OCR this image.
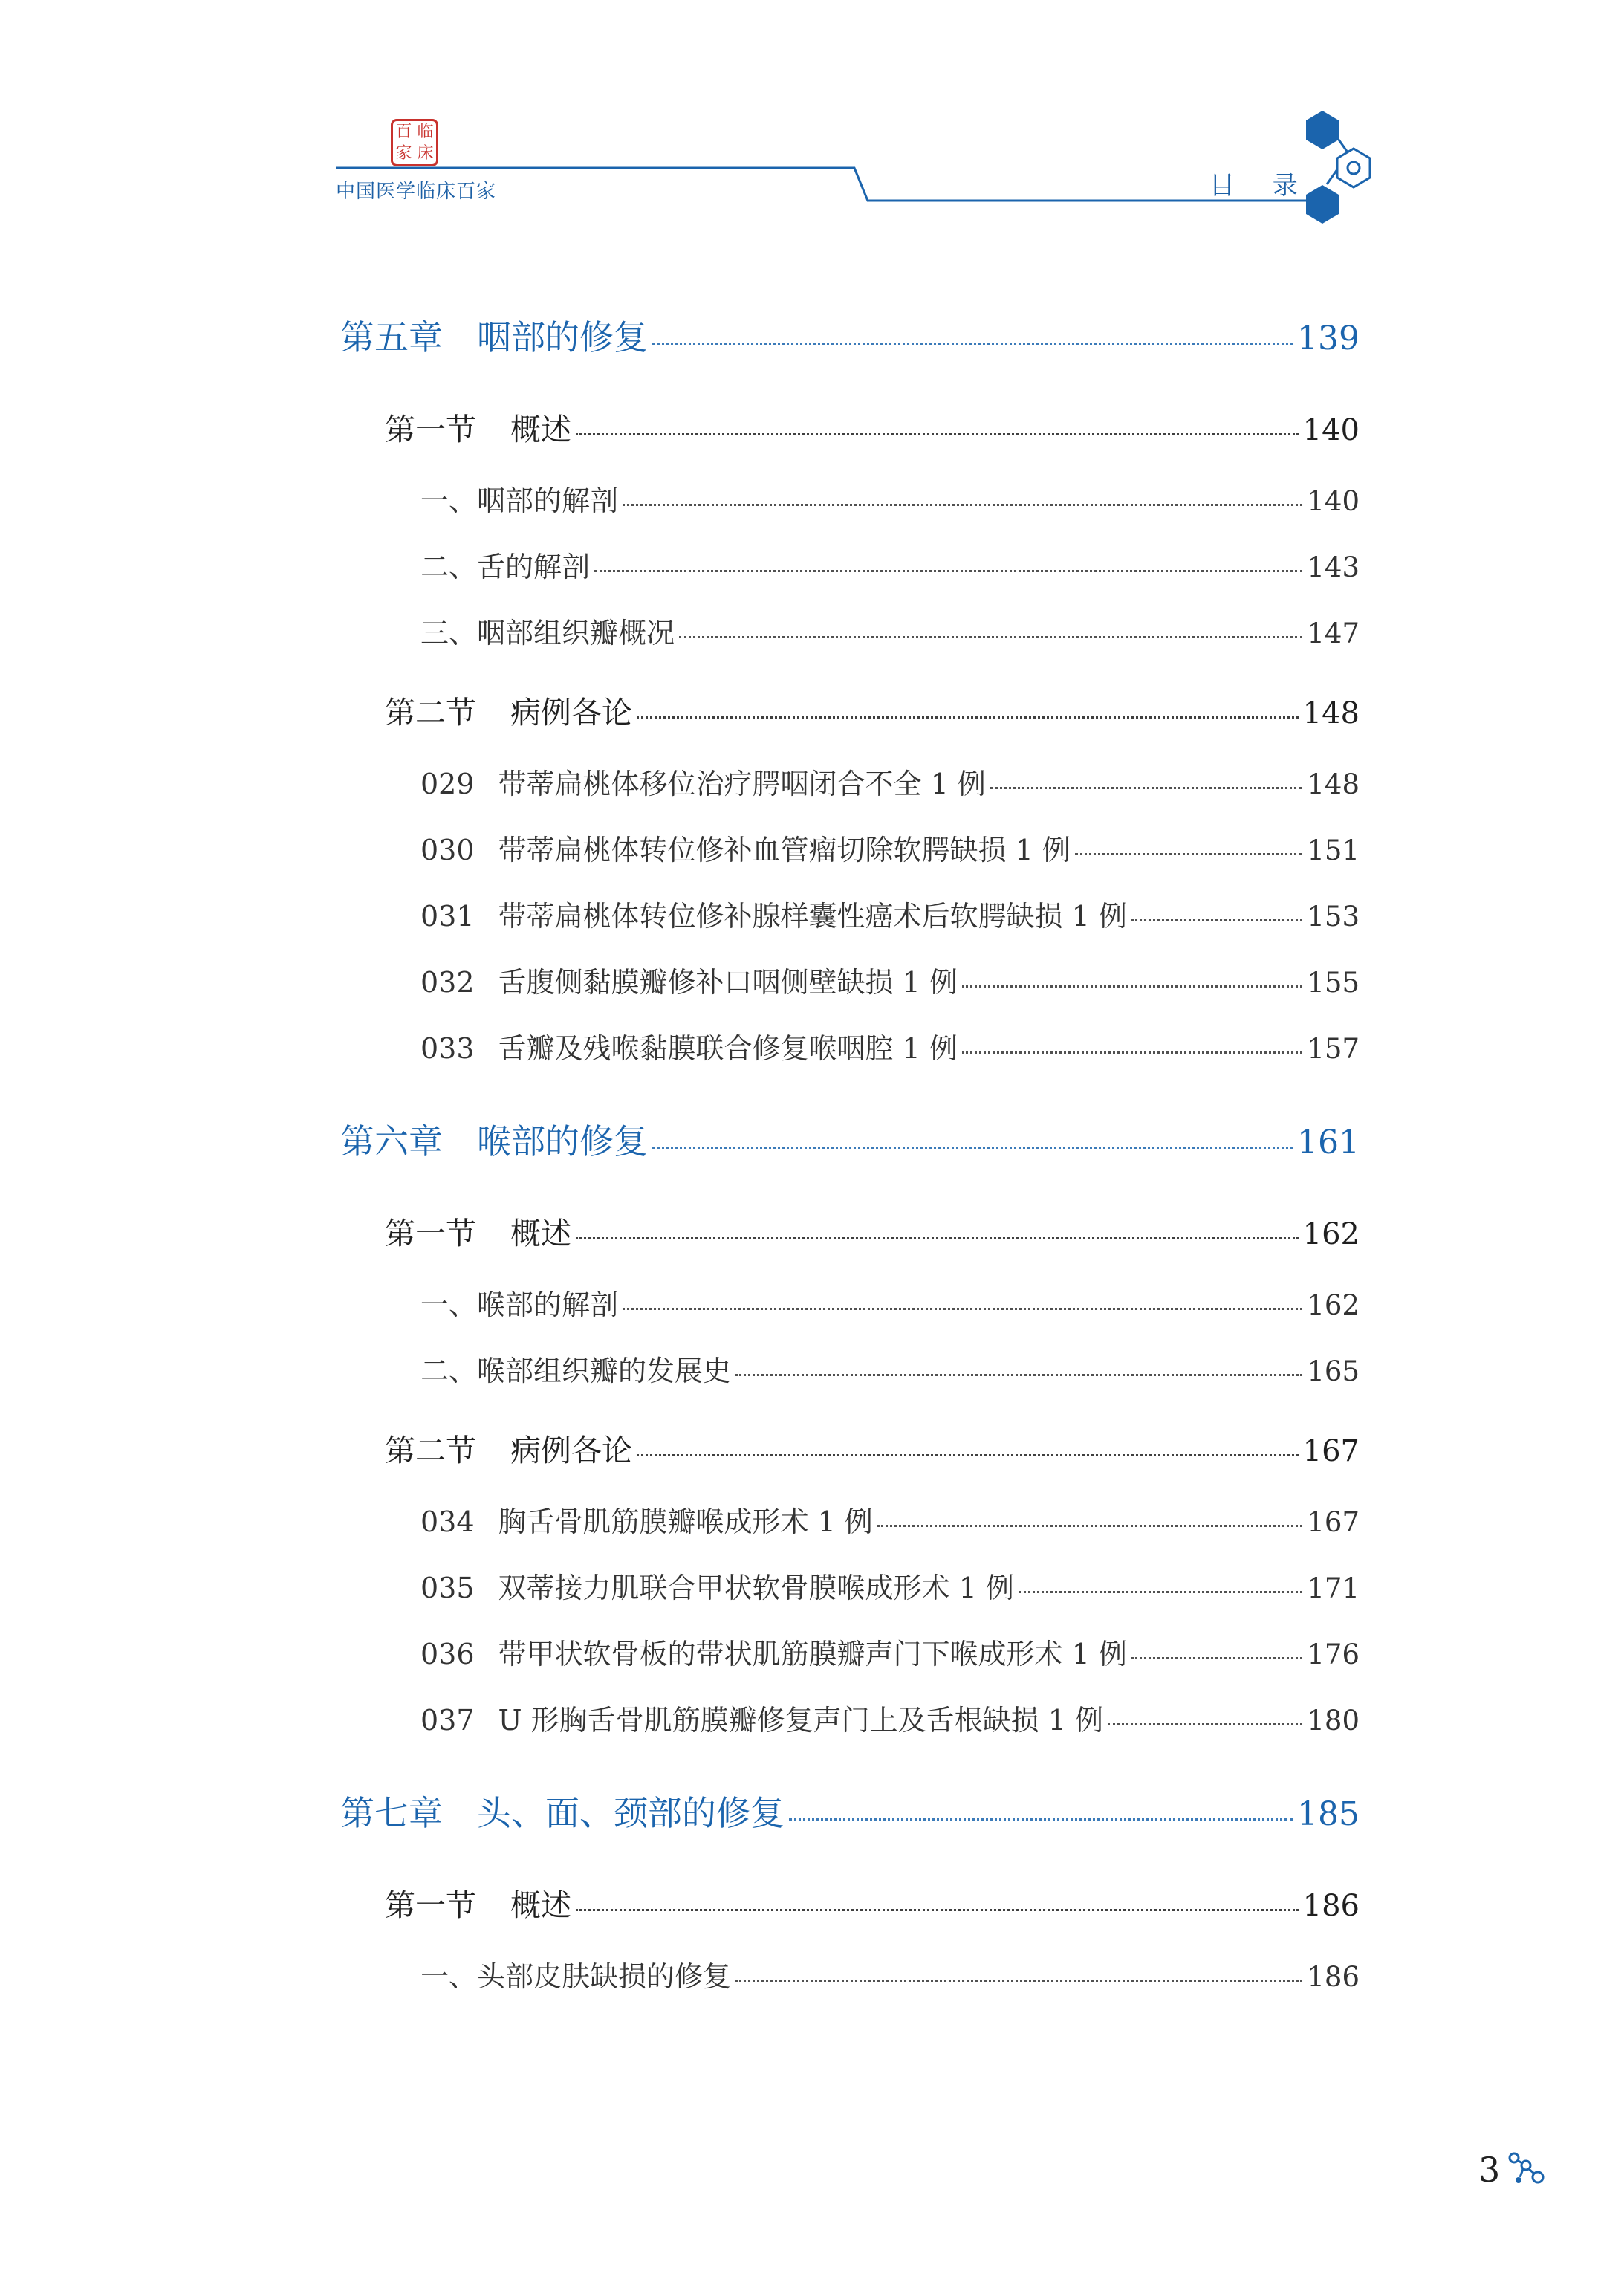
百 临
家 床
中国医学临床百家	目 录
第五章 咽部的修复	139
第一节 概述	140
一、咽部的解剖	140
二、舌的解剖	143
三、咽部组织瓣概况	147
第二节 病例各论	148
029 带蒂扁桃体移位治疗腭咽闭合不全 1 例	148
030 带蒂扁桃体转位修补血管瘤切除软腭缺损 1 例	151
031 带蒂扁桃体转位修补腺样囊性癌术后软腭缺损 1 例	153
032 舌腹侧黏膜瓣修补口咽侧壁缺损 1 例	155
033 舌瓣及残喉黏膜联合修复喉咽腔 1 例	157
第六章 喉部的修复	161
第一节 概述	162
一、喉部的解剖	162
二、喉部组织瓣的发展史	165
第二节 病例各论	167
034 胸舌骨肌筋膜瓣喉成形术 1 例	167
035 双蒂接力肌联合甲状软骨膜喉成形术 1 例	171
036 带甲状软骨板的带状肌筋膜瓣声门下喉成形术 1 例	176
037 U 形胸舌骨肌筋膜瓣修复声门上及舌根缺损 1 例	180
第七章 头、面、颈部的修复	185
第一节 概述	186
一、头部皮肤缺损的修复	186
3
